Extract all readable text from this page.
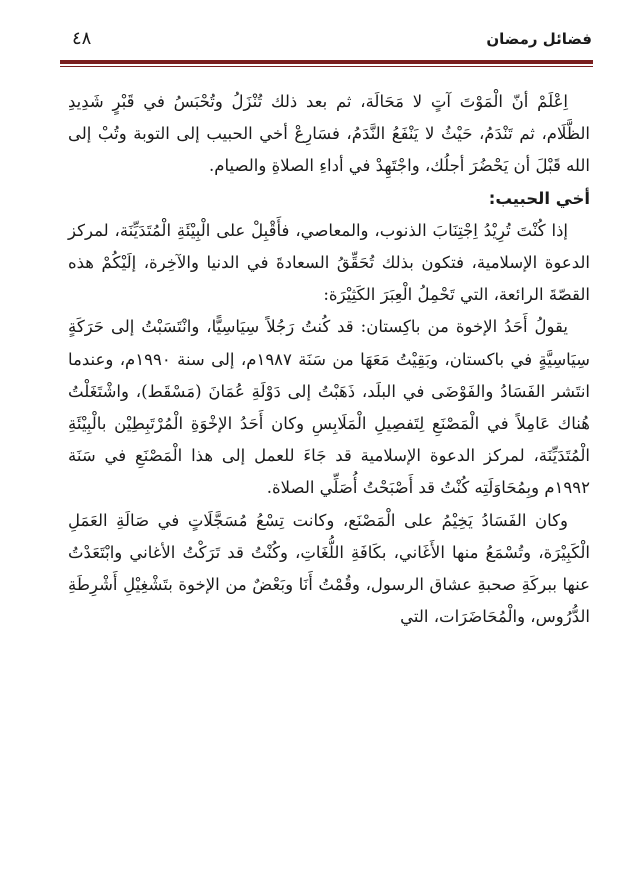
٤٨	فضائل رمضان

اِعْلَمْ أنّ الْمَوْتَ آتٍ لا مَحَالَة، ثم بعد ذلك تُنْزَلُ وتُحْبَسُ في قَبْرٍ شَدِيدِ الظَّلَام، ثم تَنْدَمُ، حَيْثُ لا يَنْفَعُ النَّدَمُ، فسَارِعْ أخي الحبيب إلى التوبة وتُبْ إلى الله قَبْلَ أن يَحْضُرَ أجلُك، واجْتَهِدْ في أداءِ الصلاةِ والصيام.

أخي الحبيب:

إذا كُنْتَ تُرِيْدُ اِجْتِنَابَ الذنوب، والمعاصي، فأَقْبِلْ على الْبِيْئَةِ الْمُتَدَيِّنَة، لمركز الدعوة الإسلامية، فتكون بذلك تُحَقِّقُ السعادةَ في الدنيا والآخِرة، إلَيْكُمْ هذه القصّةَ الرائعة، التي تَحْمِلُ الْعِبَرَ الكَثِيْرَة:

يقولُ أَحَدُ الإخوة من باكِستان: قد كُنتُ رَجُلاً سِيَاسِيًّا، وانْتَسَبْتُ إلى حَرَكَةٍ سِيَاسِيَّةٍ في باكستان، وبَقِيْتُ مَعَهَا من سَنَة ١٩٨٧م، إلى سنة ١٩٩٠م، وعندما انتَشر الفَسَادُ والفَوْضَى في البلَد، ذَهَبْتُ إلى دَوْلَةِ عُمَانَ (مَسْقَط)، واشْتَغَلْتُ هُناك عَامِلاً في الْمَصْنَعِ لِتَفصِيلِ الْمَلَابِسِ وكان أَحَدُ الإخْوَةِ الْمُرْتَبِطِيْن بالْبِيْئَةِ الْمُتَدَيِّنَة، لمركز الدعوة الإسلامية قد جَاءَ للعمل إلى هذا الْمَصْنَعِ في سَنَة ١٩٩٢م وبِمُحَاوَلَتِه كُنْتُ قد أَصْبَحْتُ أُصَلِّي الصلاة.

وكان الفَسَادُ يَخِيْمُ على الْمَصْنَع، وكانت تِسْعُ مُسَجَّلَاتٍ في صَالَةِ العَمَلِ الْكَبِيْرَة، وتُسْمَعُ منها الأَغَاني، بكَافَةِ اللُّغَاتِ، وكُنْتُ قد تَرَكْتُ الأغاني وابْتَعَدْتُ عنها ببركَةِ صحبةِ عشاق الرسول، وقُمْتُ أَنَا وبَعْضٌ من الإخوة بتَشْغِيْلِ أَشْرِطَةِ الدُّرُوس، والْمُحَاضَرَات، التي
